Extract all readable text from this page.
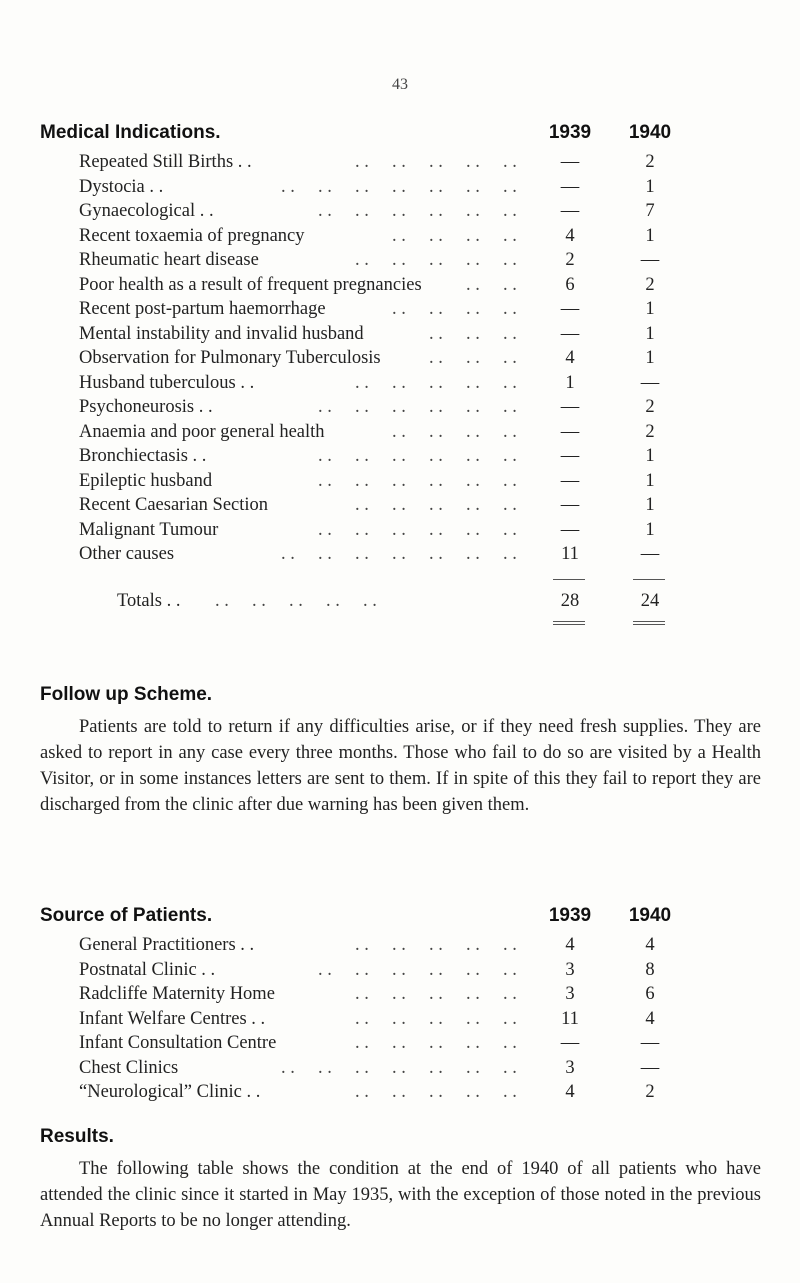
43
Medical Indications.	1939	1940
Repeated Still Births . .	—	2
. .     . .     . .     . .     . .
Dystocia . .	—	1
. .     . .     . .     . .     . .     . .     . .
Gynaecological . .	—	7
. .     . .     . .     . .     . .     . .
Recent toxaemia of pregnancy	4	1
. .     . .     . .     . .
Rheumatic heart disease	2	—
. .     . .     . .     . .     . .
Poor health as a result of frequent pregnancies	6	2
. .     . .
Recent post-partum haemorrhage	—	1
. .     . .     . .     . .
Mental instability and invalid husband	—	1
. .     . .     . .
Observation for Pulmonary Tuberculosis	4	1
. .     . .     . .
Husband tuberculous . .	1	—
. .     . .     . .     . .     . .
Psychoneurosis . .	—	2
. .     . .     . .     . .     . .     . .
Anaemia and poor general health	—	2
. .     . .     . .     . .
Bronchiectasis . .	—	1
. .     . .     . .     . .     . .     . .
Epileptic husband	—	1
. .     . .     . .     . .     . .     . .
Recent Caesarian Section	—	1
. .     . .     . .     . .     . .
Malignant Tumour	—	1
. .     . .     . .     . .     . .     . .
Other causes	11	—
. .     . .     . .     . .     . .     . .     . .
Totals . . . .     . .     . .     . .     . .	28	24
Follow up Scheme.
Patients are told to return if any difficulties arise, or if they need fresh supplies. They are asked to report in any case every three months. Those who fail to do so are visited by a Health Visitor, or in some instances letters are sent to them. If in spite of this they fail to report they are discharged from the clinic after due warning has been given them.
Source of Patients.	1939	1940
General Practitioners . .	4	4
. .     . .     . .     . .     . .
Postnatal Clinic . .	3	8
. .     . .     . .     . .     . .     . .
Radcliffe Maternity Home	3	6
. .     . .     . .     . .     . .
Infant Welfare Centres . .	11	4
. .     . .     . .     . .     . .
Infant Consultation Centre	—	—
. .     . .     . .     . .     . .
Chest Clinics	3	—
. .     . .     . .     . .     . .     . .     . .
“Neurological” Clinic . .	4	2
. .     . .     . .     . .     . .
Results.
The following table shows the condition at the end of 1940 of all patients who have attended the clinic since it started in May 1935, with the exception of those noted in the previous Annual Reports to be no longer attending.
